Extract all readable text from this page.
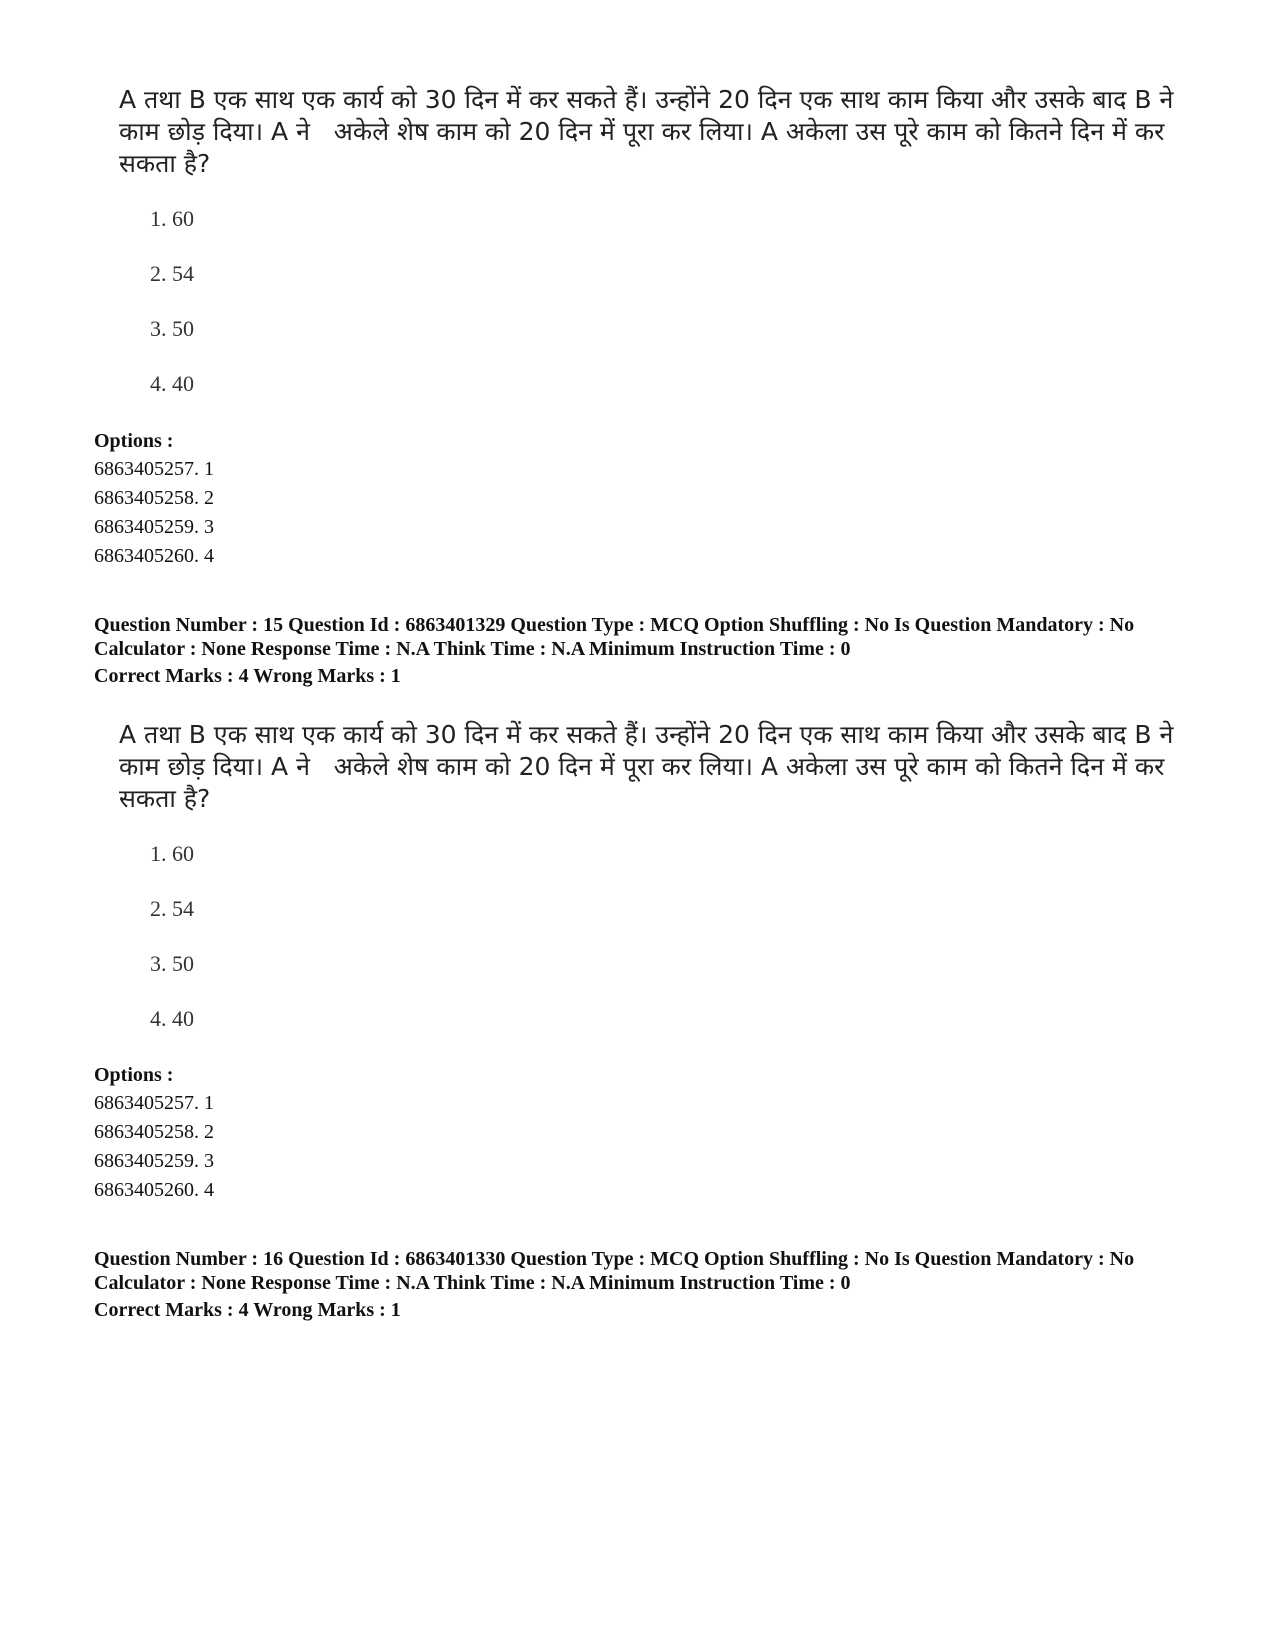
A तथा B एक साथ एक कार्य को 30 दिन में कर सकते हैं। उन्होंने 20 दिन एक साथ काम किया और उसके बाद B ने काम छोड़ दिया। A ने   अकेले शेष काम को 20 दिन में पूरा कर लिया। A अकेला उस पूरे काम को कितने दिन में कर सकता है?
1. 60
2. 54
3. 50
4. 40
Options :
6863405257. 1
6863405258. 2
6863405259. 3
6863405260. 4
Question Number : 15 Question Id : 6863401329 Question Type : MCQ Option Shuffling : No Is Question Mandatory : No Calculator : None Response Time : N.A Think Time : N.A Minimum Instruction Time : 0
Correct Marks : 4 Wrong Marks : 1
A तथा B एक साथ एक कार्य को 30 दिन में कर सकते हैं। उन्होंने 20 दिन एक साथ काम किया और उसके बाद B ने काम छोड़ दिया। A ने   अकेले शेष काम को 20 दिन में पूरा कर लिया। A अकेला उस पूरे काम को कितने दिन में कर सकता है?
1. 60
2. 54
3. 50
4. 40
Options :
6863405257. 1
6863405258. 2
6863405259. 3
6863405260. 4
Question Number : 16 Question Id : 6863401330 Question Type : MCQ Option Shuffling : No Is Question Mandatory : No Calculator : None Response Time : N.A Think Time : N.A Minimum Instruction Time : 0
Correct Marks : 4 Wrong Marks : 1
